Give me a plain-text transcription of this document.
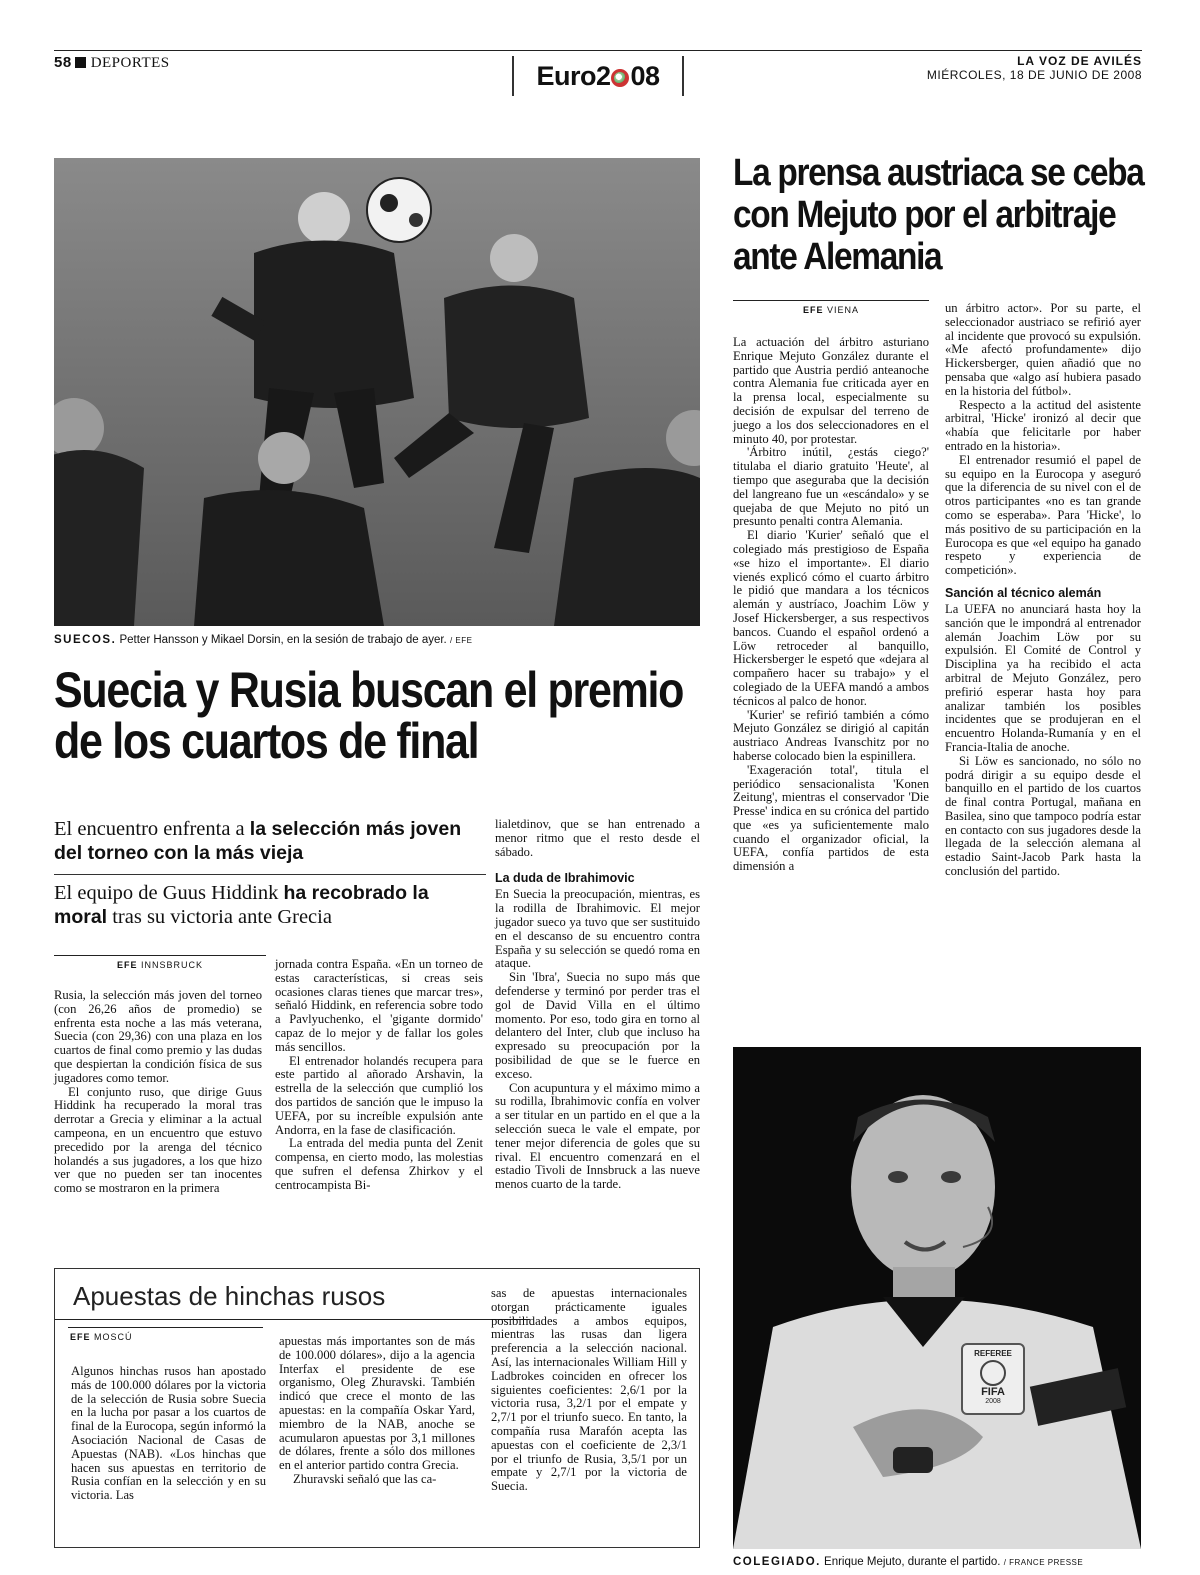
58 DEPORTES	Euro2 08	LA VOZ DE AVILÉS
MIÉRCOLES, 18 DE JUNIO DE 2008
SUECOS. Petter Hansson y Mikael Dorsin, en la sesión de trabajo de ayer. / EFE
Suecia y Rusia buscan el premio de los cuartos de final
El encuentro enfrenta a la selección más joven del torneo con la más vieja
El equipo de Guus Hiddink ha recobrado la moral tras su victoria ante Grecia
EFE INNSBRUCK

Rusia, la selección más joven del torneo (con 26,26 años de promedio) se enfrenta esta noche a las más veterana, Suecia (con 29,36) con una plaza en los cuartos de final como premio y las dudas que despiertan la condición física de sus jugadores como temor.

El conjunto ruso, que dirige Guus Hiddink ha recuperado la moral tras derrotar a Grecia y eliminar a la actual campeona, en un encuentro que estuvo precedido por la arenga del técnico holandés a sus jugadores, a los que hizo ver que no pueden ser tan inocentes como se mostraron en la primera

jornada contra España. «En un torneo de estas características, si creas seis ocasiones claras tienes que marcar tres», señaló Hiddink, en referencia sobre todo a Pavlyuchenko, el 'gigante dormido' capaz de lo mejor y de fallar los goles más sencillos.

El entrenador holandés recupera para este partido al añorado Arshavin, la estrella de la selección que cumplió los dos partidos de sanción que le impuso la UEFA, por su increíble expulsión ante Andorra, en la fase de clasificación.

La entrada del media punta del Zenit compensa, en cierto modo, las molestias que sufren el defensa Zhirkov y el centrocampista Bi-

lialetdinov, que se han entrenado a menor ritmo que el resto desde el sábado.

La duda de Ibrahimovic

En Suecia la preocupación, mientras, es la rodilla de Ibrahimovic. El mejor jugador sueco ya tuvo que ser sustituido en el descanso de su encuentro contra España y su selección se quedó roma en ataque.

Sin 'Ibra', Suecia no supo más que defenderse y terminó por perder tras el gol de David Villa en el último momento. Por eso, todo gira en torno al delantero del Inter, club que incluso ha expresado su preocupación por la posibilidad de que se le fuerce en exceso.

Con acupuntura y el máximo mimo a su rodilla, Ibrahimovic confía en volver a ser titular en un partido en el que a la selección sueca le vale el empate, por tener mejor diferencia de goles que su rival. El encuentro comenzará en el estadio Tivoli de Innsbruck a las nueve menos cuarto de la tarde.

Apuestas de hinchas rusos
EFE MOSCÚ

Algunos hinchas rusos han apostado más de 100.000 dólares por la victoria de la selección de Rusia sobre Suecia en la lucha por pasar a los cuartos de final de la Eurocopa, según informó la Asociación Nacional de Casas de Apuestas (NAB). «Los hinchas que hacen sus apuestas en territorio de Rusia confían en la selección y en su victoria. Las

apuestas más importantes son de más de 100.000 dólares», dijo a la agencia Interfax el presidente de ese organismo, Oleg Zhuravski. También indicó que crece el monto de las apuestas: en la compañía Oskar Yard, miembro de la NAB, anoche se acumularon apuestas por 3,1 millones de dólares, frente a sólo dos millones en el anterior partido contra Grecia.

Zhuravski señaló que las ca-

sas de apuestas internacionales otorgan prácticamente iguales posibilidades a ambos equipos, mientras las rusas dan ligera preferencia a la selección nacional. Así, las internacionales William Hill y Ladbrokes coinciden en ofrecer los siguientes coeficientes: 2,6/1 por la victoria rusa, 3,2/1 por el empate y 2,7/1 por el triunfo sueco. En tanto, la compañía rusa Marafón acepta las apuestas con el coeficiente de 2,3/1 por el triunfo de Rusia, 3,5/1 por un empate y 2,7/1 por la victoria de Suecia.

La prensa austriaca se ceba con Mejuto por el arbitraje ante Alemania
EFE VIENA

La actuación del árbitro asturiano Enrique Mejuto González durante el partido que Austria perdió anteanoche contra Alemania fue criticada ayer en la prensa local, especialmente su decisión de expulsar del terreno de juego a los dos seleccionadores en el minuto 40, por protestar.

'Árbitro inútil, ¿estás ciego?' titulaba el diario gratuito 'Heute', al tiempo que aseguraba que la decisión del langreano fue un «escándalo» y se quejaba de que Mejuto no pitó un presunto penalti contra Alemania.

El diario 'Kurier' señaló que el colegiado más prestigioso de España «se hizo el importante». El diario vienés explicó cómo el cuarto árbitro le pidió que mandara a los técnicos alemán y austríaco, Joachim Löw y Josef Hickersberger, a sus respectivos bancos. Cuando el español ordenó a Löw retroceder al banquillo, Hickersberger le espetó que «dejara al compañero hacer su trabajo» y el colegiado de la UEFA mandó a ambos técnicos al palco de honor.

'Kurier' se refirió también a cómo Mejuto González se dirigió al capitán austriaco Andreas Ivanschitz por no haberse colocado bien la espinillera.

'Exageración total', titula el periódico sensacionalista 'Konen Zeitung', mientras el conservador 'Die Presse' indica en su crónica del partido que «es ya suficientemente malo cuando el organizador oficial, la UEFA, confía partidos de esta dimensión a

un árbitro actor». Por su parte, el seleccionador austriaco se refirió ayer al incidente que provocó su expulsión. «Me afectó profundamente» dijo Hickersberger, quien añadió que no pensaba que «algo así hubiera pasado en la historia del fútbol».

Respecto a la actitud del asistente arbitral, 'Hicke' ironizó al decir que «había que felicitarle por haber entrado en la historia».

El entrenador resumió el papel de su equipo en la Eurocopa y aseguró que la diferencia de su nivel con el de otros participantes «no es tan grande como se esperaba». Para 'Hicke', lo más positivo de su participación en la Eurocopa es que «el equipo ha ganado respeto y experiencia de competición».

Sanción al técnico alemán

La UEFA no anunciará hasta hoy la sanción que le impondrá al entrenador alemán Joachim Löw por su expulsión. El Comité de Control y Disciplina ya ha recibido el acta arbitral de Mejuto González, pero prefirió esperar hasta hoy para analizar también los posibles incidentes que se produjeran en el encuentro Holanda-Rumanía y en el Francia-Italia de anoche.

Si Löw es sancionado, no sólo no podrá dirigir a su equipo desde el banquillo en el partido de los cuartos de final contra Portugal, mañana en Basilea, sino que tampoco podría estar en contacto con sus jugadores desde la llegada de la selección alemana al estadio Saint-Jacob Park hasta la conclusión del partido.

REFEREE
FIFA
2008
COLEGIADO. Enrique Mejuto, durante el partido. / FRANCE PRESSE
